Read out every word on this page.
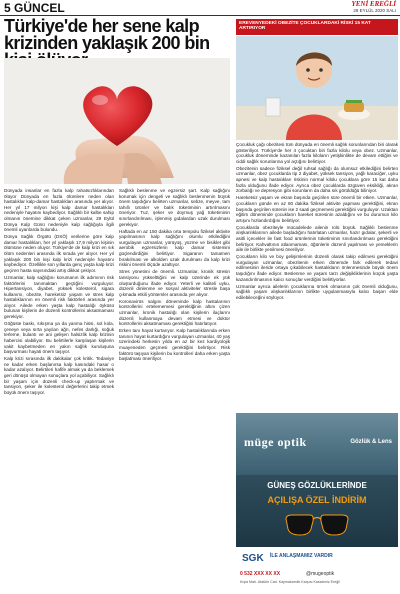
5 GÜNCEL	YENİ EREĞLİ
28 EYLÜL 2020 SALI
Türkiye'de her sene kalp krizinden yaklaşık 200 bin

Dünyada insanlar en fazla kalp rahatsızlıklarından ölüyor Dünyada en fazla ölümlere neden olan hastalıklar kalp-damar hastalıkları arasında yer alıyor. Her yıl 17 milyon kişi kalp damar hastalıkları nedeniyle hayatını kaybediyor. Sağlıklı bir kalbe sahip olmanın önemine dikkat çeken uzmanlar, 29 Eylül Dünya Kalp Günü nedeniyle kalp sağlığıyla ilgili önemli uyarılarda bulundu.

Dünya Sağlık Örgütü (DSÖ) verilerine göre kalp damar hastalıkları, her yıl yaklaşık 17,9 milyon kişinin ölümüne neden oluyor. Türkiye'de de kalp krizi en sık ölüm nedenleri arasında ilk sırada yer alıyor. Her yıl yaklaşık 200 bin kişi kalp krizi nedeniyle hayatını kaybediyor. Özellikle son yıllarda genç yaşta kalp krizi geçiren hasta sayısındaki artış dikkat çekiyor.

Uzmanlar, kalp sağlığını korumanın ilk adımının risk faktörlerini tanımaktan geçtiğini vurguluyor. Hipertansiyon, diyabet, yüksek kolesterol, sigara kullanımı, obezite, hareketsiz yaşam ve stres kalp hastalıklarının en önemli risk faktörleri arasında yer alıyor. Ailede erken yaşta kalp hastalığı öyküsü bulunan kişilerin de düzenli kontrollerini aksatmaması gerekiyor.

Göğüste baskı, sıkışma ya da yanma hissi, sol kola, çeneye veya sırta yayılan ağrı, nefes darlığı, soğuk terleme, bulantı ve ani gelişen halsizlik kalp krizinin habercisi olabiliyor. Bu belirtilerle karşılaşan kişilerin vakit kaybetmeden en yakın sağlık kuruluşuna başvurması hayati önem taşıyor.

Kalp krizi sırasında ilk dakikalar çok kritik. Tedaviye ne kadar erken başlanırsa kalp kasındaki hasar o kadar azalıyor. Belirtileri hafife almak ya da beklemek geri dönüşü olmayan sonuçlara yol açabiliyor. Sağlıklı bir yaşam için düzenli check-up yaptırmak ve tansiyon, şeker ile kolesterol değerlerini takip etmek büyük önem taşıyor.

Sağlıklı beslenme ve egzersiz şart. Kalp sağlığını korumak için dengeli ve sağlıklı beslenmenin büyük önem taşıdığını belirten uzmanlar, sebze, meyve, tam tahıllı ürünler ve balık tüketiminin artırılmasını öneriyor. Tuz, şeker ve doymuş yağ tüketiminin sınırlandırılması, işlenmiş gıdalardan uzak durulması gerekiyor.

Haftada en az 150 dakika orta tempolu fiziksel aktivite yapılmasının kalp sağlığını olumlu etkilediğini vurgulayan uzmanlar, yürüyüş, yüzme ve bisiklet gibi aerobik egzersizlerin kalp damar sistemini güçlendirdiğini belirtiyor. Sigaranın tamamen bırakılması ve alkolden uzak durulması da kalp krizi riskini önemli ölçüde azaltıyor.

Stres yönetimi de önemli. Uzmanlar, kronik stresin tansiyonu yükselttiğini ve kalp üzerinde ek yük oluşturduğunu ifade ediyor. Yeterli ve kaliteli uyku, düzenli dinlenme ve sosyal aktiviteler stresle başa çıkmada etkili yöntemler arasında yer alıyor.

Koronavirüs salgını döneminde kalp hastalarının kontrollerini ertelememesi gerektiğinin altını çizen uzmanlar, kronik hastalığı olan kişilerin ilaçlarını düzenli kullanmaya devam etmesi ve doktor kontrollerini aksatmaması gerektiğini hatırlatıyor.

Erken tanı hayat kurtarıyor. Kalp hastalıklarında erken tanının hayat kurtardığını vurgulayan uzmanlar, 40 yaş üzerindeki herkesin yılda en az bir kez kardiyolojik muayeneden geçmesi gerektiğini belirtiyor. Risk faktörü taşıyan kişilerin bu kontrolleri daha erken yaşta başlatması öneriliyor.

EREVENYEDEKİ OBEZİTE ÇOCUKLARDAKİ RİSKİ 15 KAT ARTIRIYOR

Çocukluk çağı obezitesi tüm dünyada en önemli sağlık sorunlarından biri olarak gösteriliyor. Türkiye'de her 4 çocuktan biri fazla kilolu veya obez. Uzmanlar, çocukluk döneminde kazanılan fazla kiloların yetişkinlikte de devam ettiğini ve ciddi sağlık sorunlarına yol açtığını belirtiyor.

Obezitenin sadece fiziksel değil ruhsal sağlığı da olumsuz etkilediğini belirten uzmanlar, obez çocuklarda tip 2 diyabet, yüksek tansiyon, yağlı karaciğer, uyku apnesi ve kalp hastalıkları riskinin normal kilolu çocuklara göre 15 kat daha fazla olduğunu ifade ediyor. Ayrıca obez çocuklarda özgüven eksikliği, akran zorbalığı ve depresyon gibi sorunların da daha sık görüldüğü biliniyor.

Hareketsiz yaşam ve ekran başında geçirilen süre önemli bir etken. Uzmanlar, çocukların günde en az 60 dakika fiziksel aktivite yapması gerektiğini, ekran başında geçirilen sürenin ise 2 saati geçmemesi gerektiğini vurguluyor. Uzaktan eğitim döneminde çocukların hareket süresinin azaldığını ve bu durumun kilo artışını hızlandırdığını belirtiyor.

Çocuklarda obeziteyle mücadelede ailenin rolü büyük. Sağlıklı beslenme alışkanlıklarının ailede başladığını hatırlatan uzmanlar, hazır gıdalar, şekerli ve asitli içecekler ile fast food ürünlerinin tüketiminin sınırlandırılması gerektiğini belirtiyor. Kahvaltının atlanmaması, öğünlerin düzenli yapılması ve yemeklerin aile ile birlikte yenilmesi öneriliyor.

Çocukların kilo ve boy gelişimlerinin düzenli olarak takip edilmesi gerektiğini vurgulayan uzmanlar, obezitenin erken dönemde fark edilerek tedavi edilmesinin ileride ortaya çıkabilecek hastalıkların önlenmesinde büyük önem taşıdığını ifade ediyor. Beslenme ve yaşam tarzı değişikliklerinin küçük yaşta kazandırılmasının kalıcı sonuçlar verdiğini belirtiyorlar.

Uzmanlar ayrıca ailelerin çocuklarına örnek olmasının çok önemli olduğunu, sağlıklı yaşam alışkanlıklarının birlikte uygulanmasıyla kalıcı başarı elde edilebileceğini söylüyor.

müge optik	Gözlük & Lens
GÜNEŞ GÖZLÜKLERİNDE
AÇILIŞA ÖZEL İNDİRİM
SGK İLE ANLAŞMAMIZ VARDIR
0 532 XXX XX XX	@mugeoptik
Kışla Mah. Atatürk Cad. Kaymakamlık Karşısı Karadeniz Ereğli
